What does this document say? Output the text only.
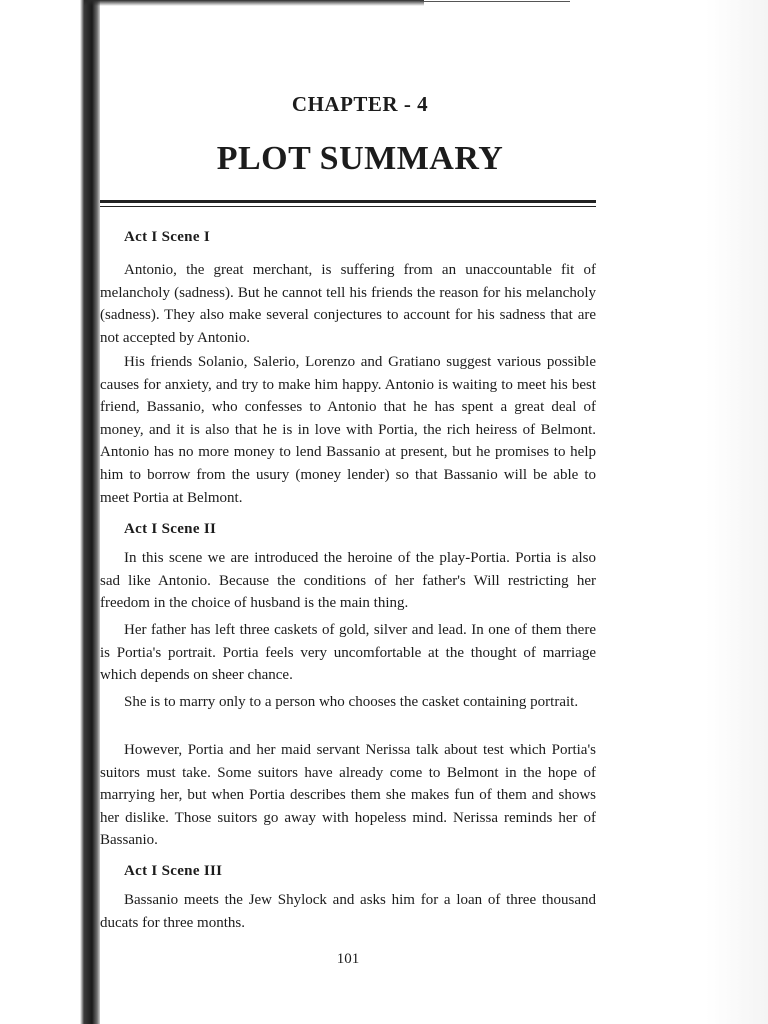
CHAPTER - 4
PLOT SUMMARY
Act I Scene I
Antonio, the great merchant, is suffering from an unaccountable fit of melancholy (sadness). But he cannot tell his friends the reason for his melancholy (sadness). They also make several conjectures to account for his sadness that are not accepted by Antonio.
His friends Solanio, Salerio, Lorenzo and Gratiano suggest various possible causes for anxiety, and try to make him happy. Antonio is waiting to meet his best friend, Bassanio, who confesses to Antonio that he has spent a great deal of money, and it is also that he is in love with Portia, the rich heiress of Belmont. Antonio has no more money to lend Bassanio at present, but he promises to help him to borrow from the usury (money lender) so that Bassanio will be able to meet Portia at Belmont.
Act I Scene II
In this scene we are introduced the heroine of the play-Portia. Portia is also sad like Antonio. Because the conditions of her father's Will restricting her freedom in the choice of husband is the main thing.
Her father has left three caskets of gold, silver and lead. In one of them there is Portia's portrait. Portia feels very uncomfortable at the thought of marriage which depends on sheer chance.
She is to marry only to a person who chooses the casket containing portrait.
However, Portia and her maid servant Nerissa talk about test which Portia's suitors must take. Some suitors have already come to Belmont in the hope of marrying her, but when Portia describes them she makes fun of them and shows her dislike. Those suitors go away with hopeless mind. Nerissa reminds her of Bassanio.
Act I Scene III
Bassanio meets the Jew Shylock and asks him for a loan of three thousand ducats for three months.
101
